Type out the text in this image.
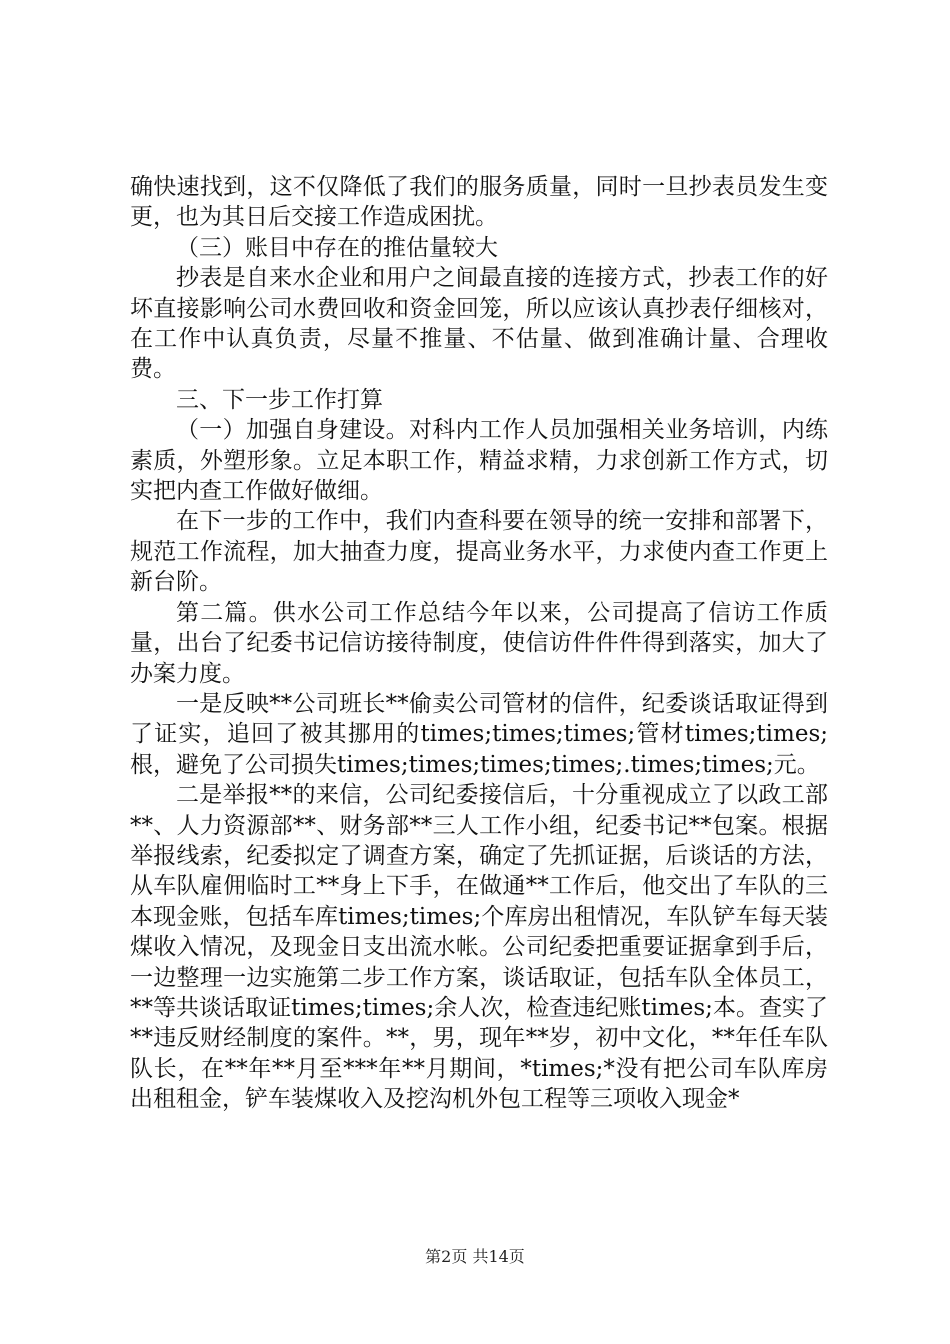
确快速找到，这不仅降低了我们的服务质量，同时一旦抄表员发生变更，也为其日后交接工作造成困扰。

（三）账目中存在的推估量较大

抄表是自来水企业和用户之间最直接的连接方式，抄表工作的好坏直接影响公司水费回收和资金回笼，所以应该认真抄表仔细核对，在工作中认真负责，尽量不推量、不估量、做到准确计量、合理收费。

三、下一步工作打算

（一）加强自身建设。对科内工作人员加强相关业务培训，内练素质，外塑形象。立足本职工作，精益求精，力求创新工作方式，切实把内查工作做好做细。

在下一步的工作中，我们内查科要在领导的统一安排和部署下，规范工作流程，加大抽查力度，提高业务水平，力求使内查工作更上新台阶。

第二篇。供水公司工作总结今年以来，公司提高了信访工作质量，出台了纪委书记信访接待制度，使信访件件件得到落实，加大了办案力度。

一是反映**公司班长**偷卖公司管材的信件，纪委谈话取证得到了证实，追回了被其挪用的times;times;times;管材times;times;根，避免了公司损失times;times;times;times;.times;times;元。

二是举报**的来信，公司纪委接信后，十分重视成立了以政工部**、人力资源部**、财务部**三人工作小组，纪委书记**包案。根据举报线索，纪委拟定了调查方案，确定了先抓证据，后谈话的方法，从车队雇佣临时工**身上下手，在做通**工作后，他交出了车队的三本现金账，包括车库times;times;个库房出租情况，车队铲车每天装煤收入情况，及现金日支出流水帐。公司纪委把重要证据拿到手后，一边整理一边实施第二步工作方案，谈话取证，包括车队全体员工，**等共谈话取证times;times;余人次，检查违纪账times;本。查实了**违反财经制度的案件。**，男，现年**岁，初中文化，**年任车队队长，在**年**月至***年**月期间，*times;*没有把公司车队库房出租租金，铲车装煤收入及挖沟机外包工程等三项收入现金*

第2页 共14页
